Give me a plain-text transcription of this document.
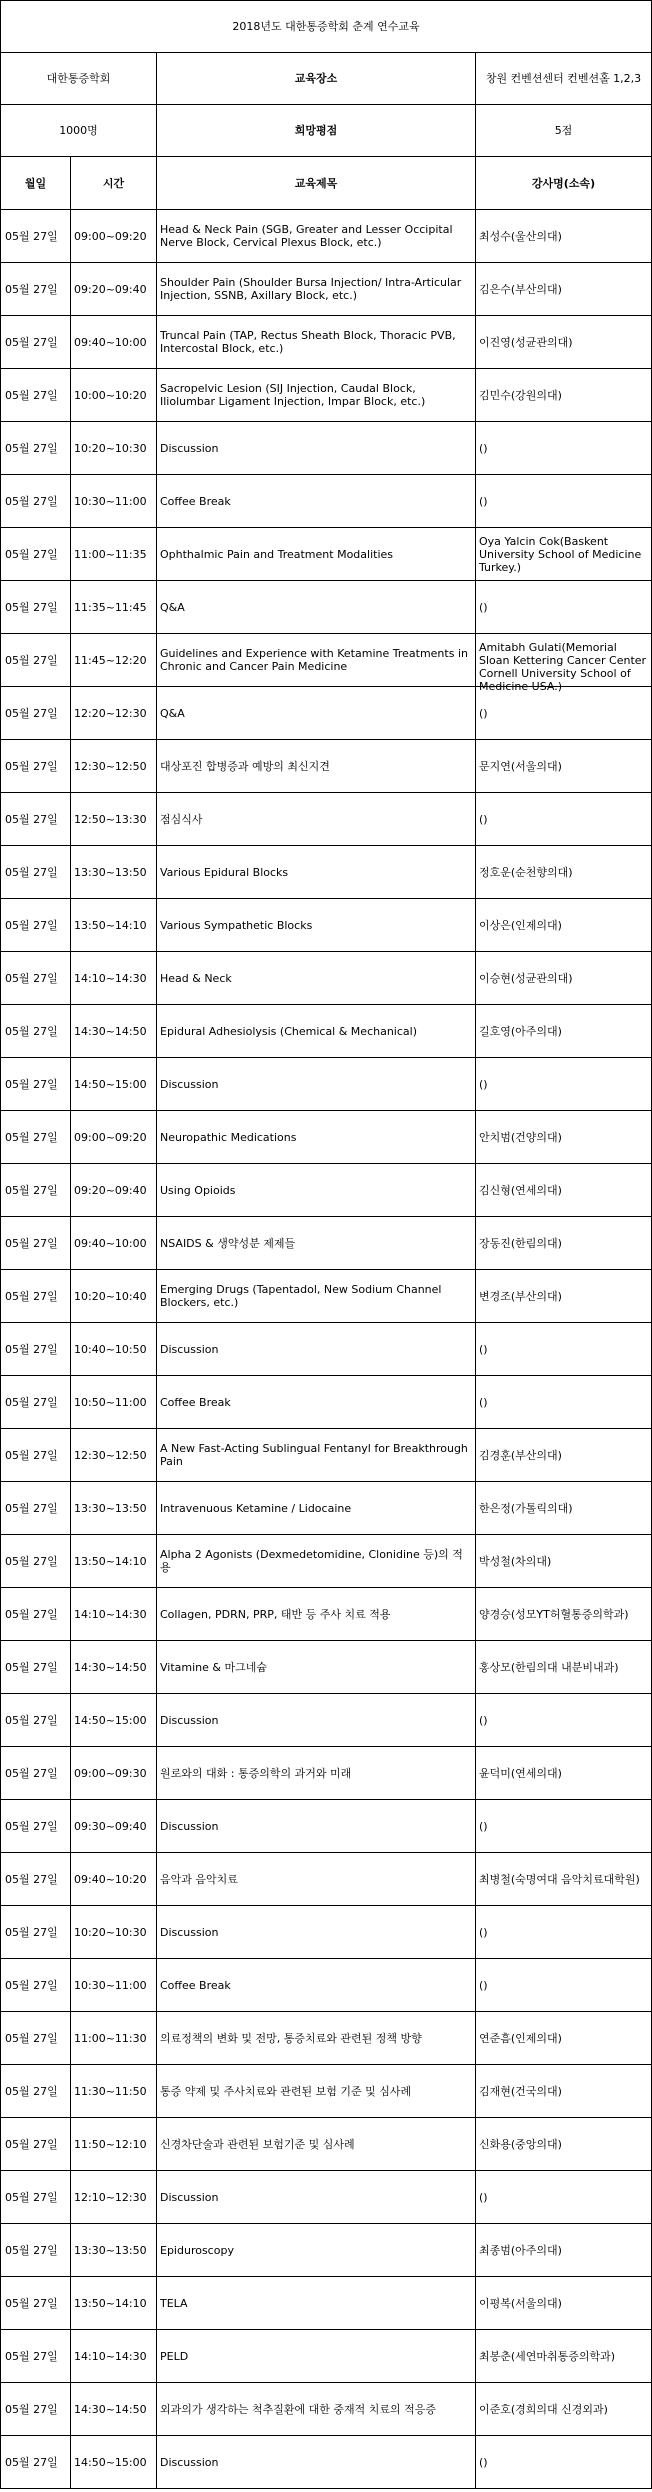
2018년도 대한통증학회 춘계 연수교육			
대한통증학회		교육장소	창원 컨벤션센터 컨벤션홀 1,2,3
1000명		희망평점	5점
월일	시간	교육제목	강사명(소속)

05월 27일	09:00~09:20	Head & Neck Pain (SGB, Greater and Lesser Occipital Nerve Block, Cervical Plexus Block, etc.)	최성수(울산의대)

05월 27일	09:20~09:40	Shoulder Pain (Shoulder Bursa Injection/ Intra-Articular Injection, SSNB, Axillary Block, etc.)	김은수(부산의대)

05월 27일	09:40~10:00	Truncal Pain (TAP, Rectus Sheath Block, Thoracic PVB, Intercostal Block, etc.)	이진영(성균관의대)

05월 27일	10:00~10:20	Sacropelvic Lesion (SIJ Injection, Caudal Block, Iliolumbar Ligament Injection, Impar Block, etc.)	김민수(강원의대)

05월 27일	10:20~10:30	Discussion	()

05월 27일	10:30~11:00	Coffee Break	()

05월 27일	11:00~11:35	Ophthalmic Pain and Treatment Modalities	Oya Yalcin Cok(Baskent University School of Medicine Turkey.)

05월 27일	11:35~11:45	Q&A	()

05월 27일	11:45~12:20	Guidelines and Experience with Ketamine Treatments in Chronic and Cancer Pain Medicine	Amitabh Gulati(Memorial Sloan Kettering Cancer Center Cornell University School of Medicine USA.)

05월 27일	12:20~12:30	Q&A	()

05월 27일	12:30~12:50	대상포진 합병증과 예방의 최신지견	문지연(서울의대)

05월 27일	12:50~13:30	점심식사	()

05월 27일	13:30~13:50	Various Epidural Blocks	정호운(순천향의대)

05월 27일	13:50~14:10	Various Sympathetic Blocks	이상은(인제의대)

05월 27일	14:10~14:30	Head & Neck	이승현(성균관의대)

05월 27일	14:30~14:50	Epidural Adhesiolysis (Chemical & Mechanical)	길호영(아주의대)

05월 27일	14:50~15:00	Discussion	()

05월 27일	09:00~09:20	Neuropathic Medications	안치범(건양의대)

05월 27일	09:20~09:40	Using Opioids	김신형(연세의대)

05월 27일	09:40~10:00	NSAIDS & 생약성분 제제들	장동진(한림의대)

05월 27일	10:20~10:40	Emerging Drugs (Tapentadol, New Sodium Channel Blockers, etc.)	변경조(부산의대)

05월 27일	10:40~10:50	Discussion	()

05월 27일	10:50~11:00	Coffee Break	()

05월 27일	12:30~12:50	A New Fast-Acting Sublingual Fentanyl for Breakthrough Pain	김경훈(부산의대)

05월 27일	13:30~13:50	Intravenuous Ketamine / Lidocaine	한은정(가톨릭의대)

05월 27일	13:50~14:10	Alpha 2 Agonists (Dexmedetomidine, Clonidine 등)의 적용	박성철(차의대)

05월 27일	14:10~14:30	Collagen, PDRN, PRP, 태반 등 주사 치료 적용	양경승(성모YT허혈통증의학과)

05월 27일	14:30~14:50	Vitamine & 마그네슘	홍상모(한림의대 내분비내과)

05월 27일	14:50~15:00	Discussion	()

05월 27일	09:00~09:30	원로와의 대화 : 통증의학의 과거와 미래	윤덕미(연세의대)

05월 27일	09:30~09:40	Discussion	()

05월 27일	09:40~10:20	음악과 음악치료	최병철(숙명여대 음악치료대학원)

05월 27일	10:20~10:30	Discussion	()

05월 27일	10:30~11:00	Coffee Break	()

05월 27일	11:00~11:30	의료정책의 변화 및 전망, 통증치료와 관련된 정책 방향	연준흠(인제의대)

05월 27일	11:30~11:50	통증 약제 및 주사치료와 관련된 보험 기준 및 심사례	김재현(건국의대)

05월 27일	11:50~12:10	신경차단술과 관련된 보험기준 및 심사례	신화용(중앙의대)

05월 27일	12:10~12:30	Discussion	()

05월 27일	13:30~13:50	Epiduroscopy	최종범(아주의대)

05월 27일	13:50~14:10	TELA	이평복(서울의대)

05월 27일	14:10~14:30	PELD	최봉춘(세연마취통증의학과)

05월 27일	14:30~14:50	외과의가 생각하는 척추질환에 대한 중재적 치료의 적응증	이준호(경희의대 신경외과)

05월 27일	14:50~15:00	Discussion	()
